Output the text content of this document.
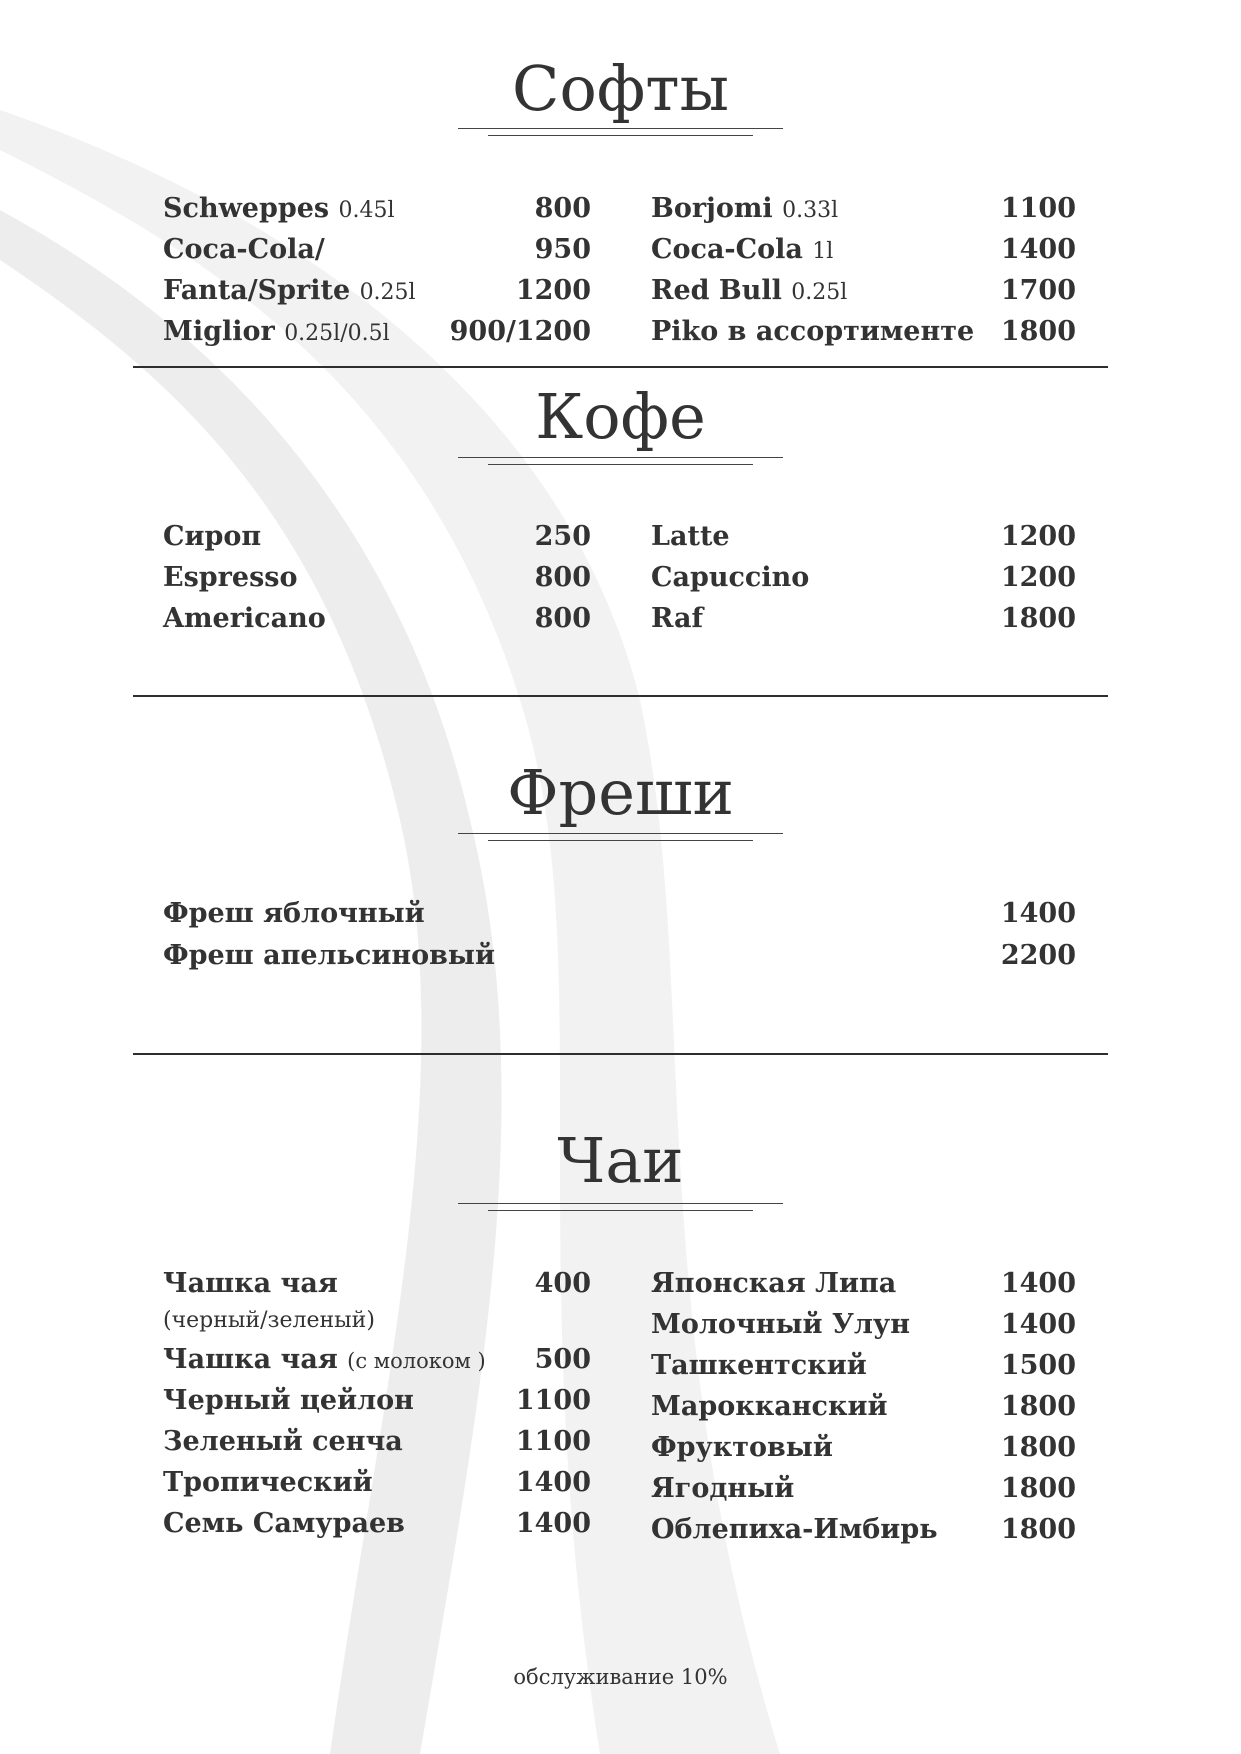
Софты
Schweppes 0.45l	800
Coca-Cola/	950
Fanta/Sprite 0.25l	1200
Miglior 0.25l/0.5l 900/1200
Borjomi 0.33l	1100
Coca-Cola 1l	1400
Red Bull 0.25l	1700
Piko в ассортименте 1800
Кофе
Сироп	250
Espresso	800
Americano	800
Latte	1200
Capuccino	1200
Raf	1800
Фреши
Фреш яблочный	1400
Фреш апельсиновый	2200
Чаи
Чашка чая	400
(черный/зеленый)
Чашка чая (с молоком ) 500
Черный цейлон	1100
Зеленый сенча	1100
Тропический	1400
Семь Самураев	1400
Японская Липа	1400
Молочный Улун	1400
Ташкентский	1500
Марокканский	1800
Фруктовый	1800
Ягодный	1800
Облепиха-Имбирь 1800
обслуживание 10%
